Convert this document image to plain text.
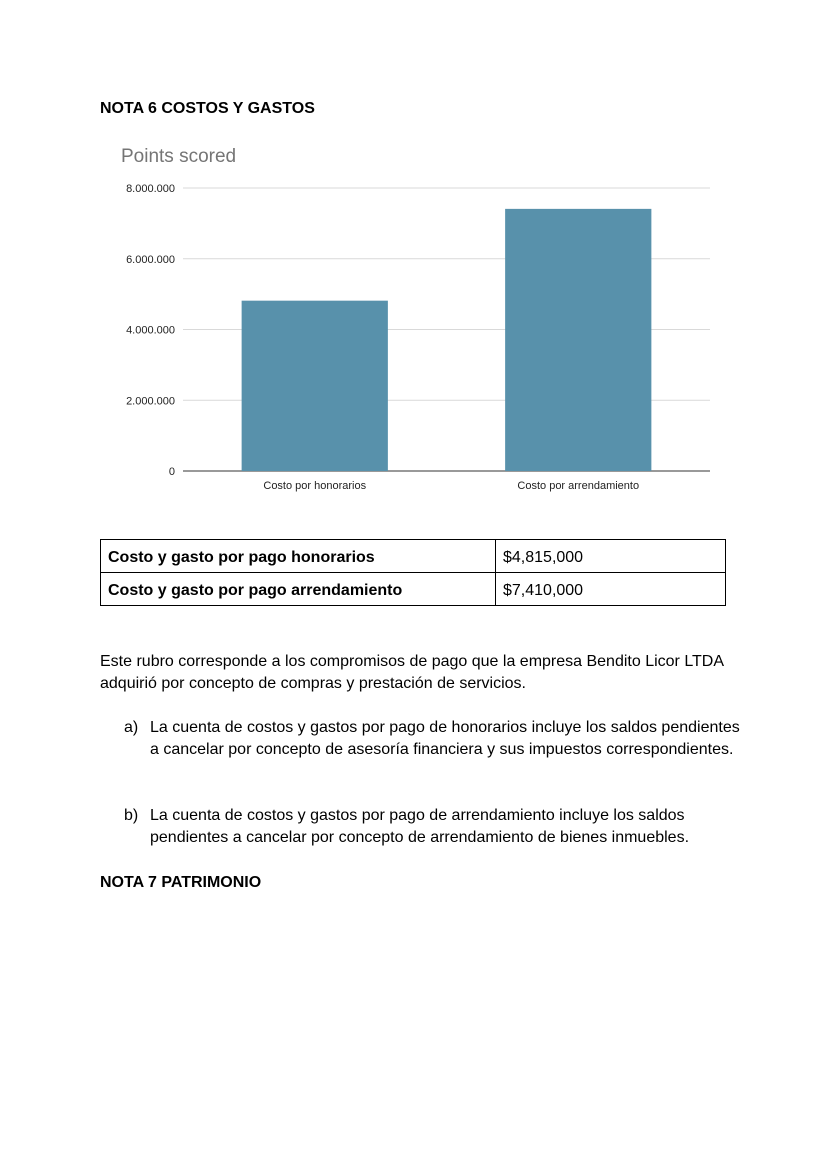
NOTA 6 COSTOS Y GASTOS
Points scored
0
2.000.000
4.000.000
6.000.000
8.000.000
Costo por honorarios	Costo por arrendamiento
Costo y gasto por pago honorarios	$4,815,000
Costo y gasto por pago arrendamiento	$7,410,000

Este rubro corresponde a los compromisos de pago que la empresa Bendito Licor LTDA adquirió por concepto de compras y prestación de servicios.

a) La cuenta de costos y gastos por pago de honorarios incluye los saldos pendientes a cancelar por concepto de asesoría financiera y sus impuestos correspondientes.
b) La cuenta de costos y gastos por pago de arrendamiento incluye los saldos pendientes a cancelar por concepto de arrendamiento de bienes inmuebles.
NOTA 7 PATRIMONIO
